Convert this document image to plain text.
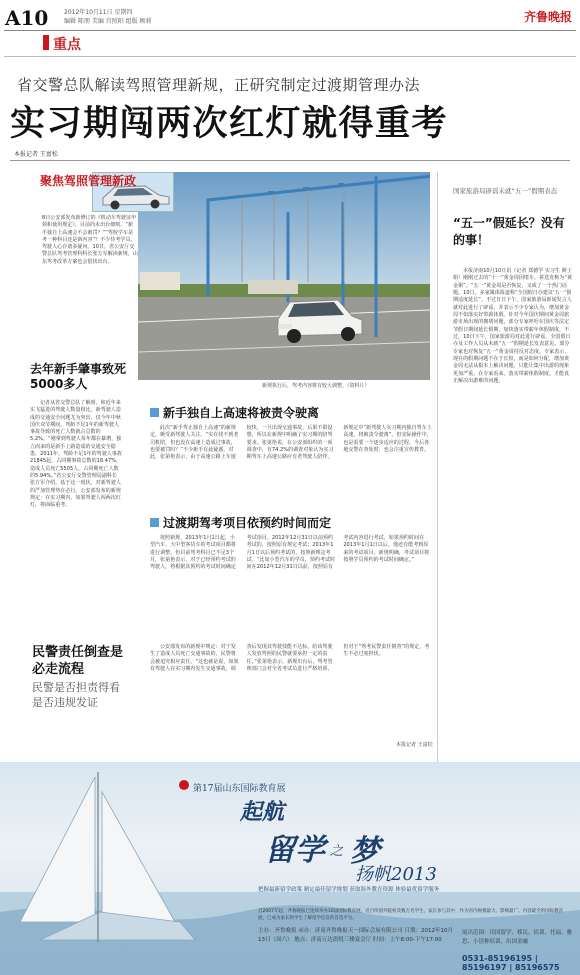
A10	2012年10月11日 星期四
编辑 陈朋 美编 宫照阳 组版 顾莉	齐鲁晚报
重点
省交警总队解读驾照管理新规，正研究制定过渡期管理办法
实习期闯两次红灯就得重考
本报记者 王富松
新规执行后，驾考内容将有较大调整。（资料片）
聚焦驾照管理新政

8日公安部发布新修订的《机动车驾驶证申领和使用规定》，目前尚未出台细则，“新手独自上高速会不会被罚？”“驾校学车是考一种科目还是新内容”？不少待考学员、驾驶人心存诸多疑问。10日，省公安厅交警总队驾考管理科科长张方军解读新规，山东驾考改革方案也会很快出台。

去年新手肇事致死5000多人

记者从省交警总队了解到，和近年来实飞猛进的驾驶人数量相比，新驾驶人造成的交通安全问题尤为突出，仅今年中秋国庆双节期间，驾龄不足1年的新驾驶人事故导致的死亡人数就占总数的5.2%。“刚拿到驾驶人每年都在暴增，独立而来的是新手上路造成的交通安全隐患，2011年，驾龄不足1年的驾驶人事故21845起，占同期事故总数的18.47%，造成人员死亡5505人，占同期死亡人数的5.94%。”省公安厅交警管理局副科长张方军介绍。基于这一现状，对新驾驶人的严加管理势在必行。公安部发布的新规规定：在实习期内，如果驾驶人闯两次红灯，将面临重考。

新手独自上高速将被责令驶离

此次“新手驾止独自上高速”的新规定，颇受新驾驶人关注。“实在找不到老司机陪，但也没在高速上造成过事故，也要被罚吗？”不少新手有此疑惑。对此，张第艳表示，由于高速公路上车速较快，一旦出现交通事故，后果不堪设想，所以在新规中明确了实习期的陪驾要求。张第艳说，在公安部组织的一项调查中，有74.2%的调查对象认为实习期驾车上高速公路应有老驾驶人陪伴。新规定中“新驾驶人实习期内独自驾车上高速，将被责令驶离”，但实际操作中，也是需要一个逐步适应的过程，今后各地交警在查处时，也会注重宣传教育。

过渡期驾考项目依预约时间而定

按照新规，2013年1月1日起，小型汽车、大中型客货车的考试项目都将进行调整。但目前驾考科目已不足3个月，张第艳表示，对于已经预约考试的驾驶人，将根据其预约的考试时间确定考试项目。2012年12月31日以前预约考试的，按照原有规定考试；2013年1月1日以后预约考试的，按照新规定考试。“比如小型汽车的学员，预约考试时间在2012年12月31日以前，按照原有考试内容进行考试，如果预约时间在2013年1月1日以后，他还有能考到原来的考试项目。新规明确，考试项目将按照学员预约的考试时间确定。”

民警责任倒查是必走流程
民警是否担责得看是否违规发证

公安部发布的新规中规定：对于发生了造成人员死亡交通事故的，民警将会被追究相应责任。“这也就是说，如果有驾驶人在实习期内发生交通事故，调查后发现其驾驶技能不达标，给该驾驶人发放驾照的民警就要承担一定的责任。”张第艳表示，新规出台后，驾考管理部门会对全省考试员进行严格培训，但对于“驾考民警责任倒查”的规定，考生不必过度担忧。

本报记者 王富松
国家旅游局辟谣未就“五一”假期表态
“五一”假延长？没有的事！

本报济南10月10日讯（记者 郑德学 实习生 颜士娟）刚刚过去的“十一”黄金周因堵车、拼迭发称为“黄金粥”。“五一”黄金周是否恢复，又成了一个热门话题。10日，多家媒体报道称“全国假日办建议‘五一’假期适度延长”。不过日日下午，国家旅游局新闻发言人就对此进行了辟谣，并表示不少专家认为，增加黄金周不如落实好带薪休假。针对今年国庆期间黄金周旅游市场出现的拥堵问题，部分专家呼吁在国庆等法定节假日期间延长假期，加快落实带薪年休假制度。不过，10日下午，国家旅游局对此进行辟谣，全国假日办及工作人员从未就“五一”假期延长发表意见。部分专家也对恢复“五一”黄金周持反对态度。专家表示，现在的假期问题不在于长短，而是如何分配，增加黄金周无法从根本上解决问题，只能让集中出游的现象更加严重。在专家看来，落实带薪休假制度，才能真正解决出游难的问题。

第17届山东国际教育展
起航
留学 之 梦
扬帆2013
把握最新留学政策 制定最佳留学规划 获取海外教育资源 体验最优留学服务
自2007年起，齐鲁晚报已连续举办16届国际教育展，近百所国外院校及数万名学生、家长参与其中，作为省内规模最大、影响最广、内容最全的国际教育展，已成为家长和学生了解留学信息的首选平台。
主办：齐鲁晚报 承办：济南齐鲁晚报天一国际会展有限公司 日期：2012年10月13日（周六） 地点：济南万达凯悦三楼宴会厅 时间：上午8:00-下午17:00
展出范围：出国留学、移民、培训、托福、雅思、小语种培训、出国金融
0531-85196195 | 85196197 | 85196575
